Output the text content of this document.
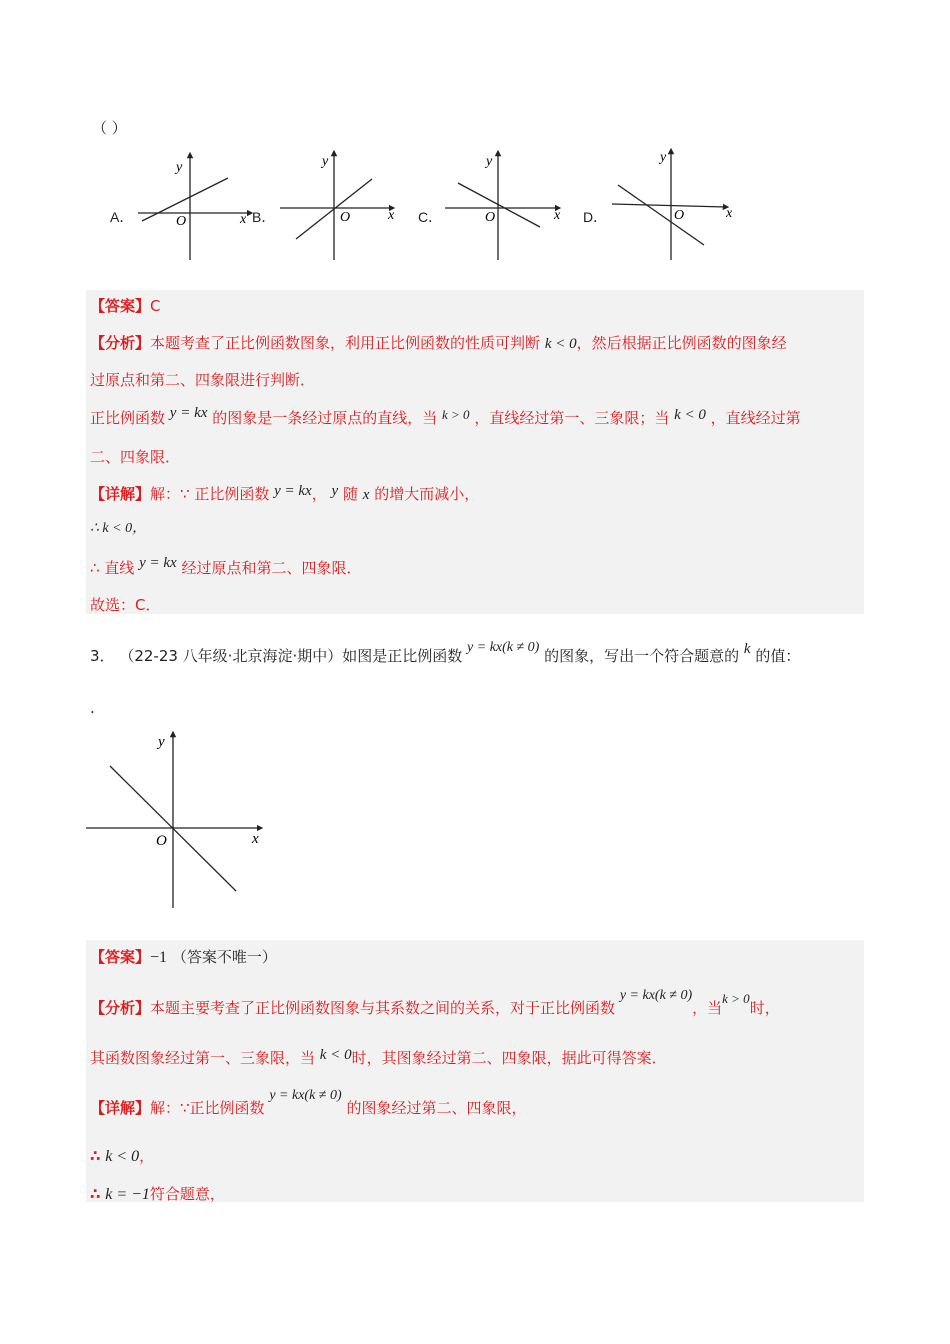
（ ）
y
x
O
y
x
O
y
x
O
y
x
O
A．	B．	C．	D．
【答案】C
【分析】本题考查了正比例函数图象，利用正比例函数的性质可判断 k < 0，然后根据正比例函数的图象经
过原点和第二、四象限进行判断．
正比例函数 y = kx 的图象是一条经过原点的直线，当 k > 0 ，直线经过第一、三象限；当 k < 0 ，直线经过第
二、四象限．
【详解】解：∵ 正比例函数 y = kx， y 随 x 的增大而减小，
∴ k < 0，
∴ 直线 y = kx 经过原点和第二、四象限．
故选：C．
3． （22-23 八年级·北京海淀·期中）如图是正比例函数 y = kx(k ≠ 0) 的图象，写出一个符合题意的 k 的值：
.
y
x
O
【答案】−1 （答案不唯一）
【分析】本题主要考查了正比例函数图象与其系数之间的关系，对于正比例函数 y = kx(k ≠ 0)，当k > 0时，
其函数图象经过第一、三象限，当 k < 0时，其图象经过第二、四象限，据此可得答案．
【详解】解：∵正比例函数 y = kx(k ≠ 0) 的图象经过第二、四象限，
∴ k < 0，
∴ k = −1符合题意，
